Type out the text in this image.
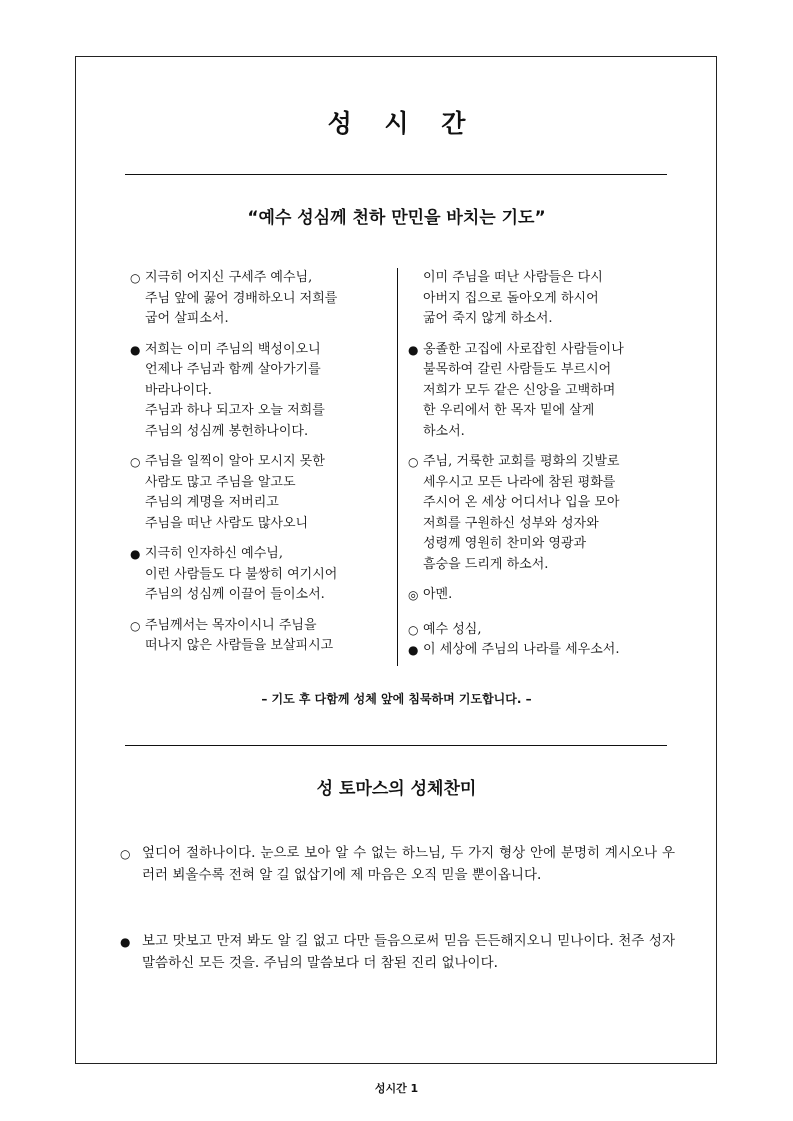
성 시 간
“예수 성심께 천하 만민을 바치는 기도”
○
지극히 어지신 구세주 예수님,
주님 앞에 꿇어 경배하오니 저희를
굽어 살피소서.
●
저희는 이미 주님의 백성이오니
언제나 주님과 함께 살아가기를
바라나이다.
주님과 하나 되고자 오늘 저희를
주님의 성심께 봉헌하나이다.
○
주님을 일찍이 알아 모시지 못한
사람도 많고 주님을 알고도
주님의 계명을 저버리고
주님을 떠난 사람도 많사오니
●
지극히 인자하신 예수님,
이런 사람들도 다 불쌍히 여기시어
주님의 성심께 이끌어 들이소서.
○
주님께서는 목자이시니 주님을
떠나지 않은 사람들을 보살피시고
이미 주님을 떠난 사람들은 다시
아버지 집으로 돌아오게 하시어
굶어 죽지 않게 하소서.
●
옹졸한 고집에 사로잡힌 사람들이나
불목하여 갈린 사람들도 부르시어
저희가 모두 같은 신앙을 고백하며
한 우리에서 한 목자 밑에 살게
하소서.
○
주님, 거룩한 교회를 평화의 깃발로
세우시고 모든 나라에 참된 평화를
주시어 온 세상 어디서나 입을 모아
저희를 구원하신 성부와 성자와
성령께 영원히 찬미와 영광과
흠숭을 드리게 하소서.
◎
아멘.
○
예수 성심,
●
이 세상에 주님의 나라를 세우소서.

– 기도 후 다함께 성체 앞에 침묵하며 기도합니다. –

성 토마스의 성체찬미
○

엎디어 절하나이다. 눈으로 보아 알 수 없는 하느님, 두 가지 형상 안에 분명히 계시오나 우러러 뵈올수록 전혀 알 길 없삽기에 제 마음은 오직 믿을 뿐이옵니다.

●

보고 맛보고 만져 봐도 알 길 없고 다만 들음으로써 믿음 든든해지오니 믿나이다. 천주 성자 말씀하신 모든 것을. 주님의 말씀보다 더 참된 진리 없나이다.

성시간 1
